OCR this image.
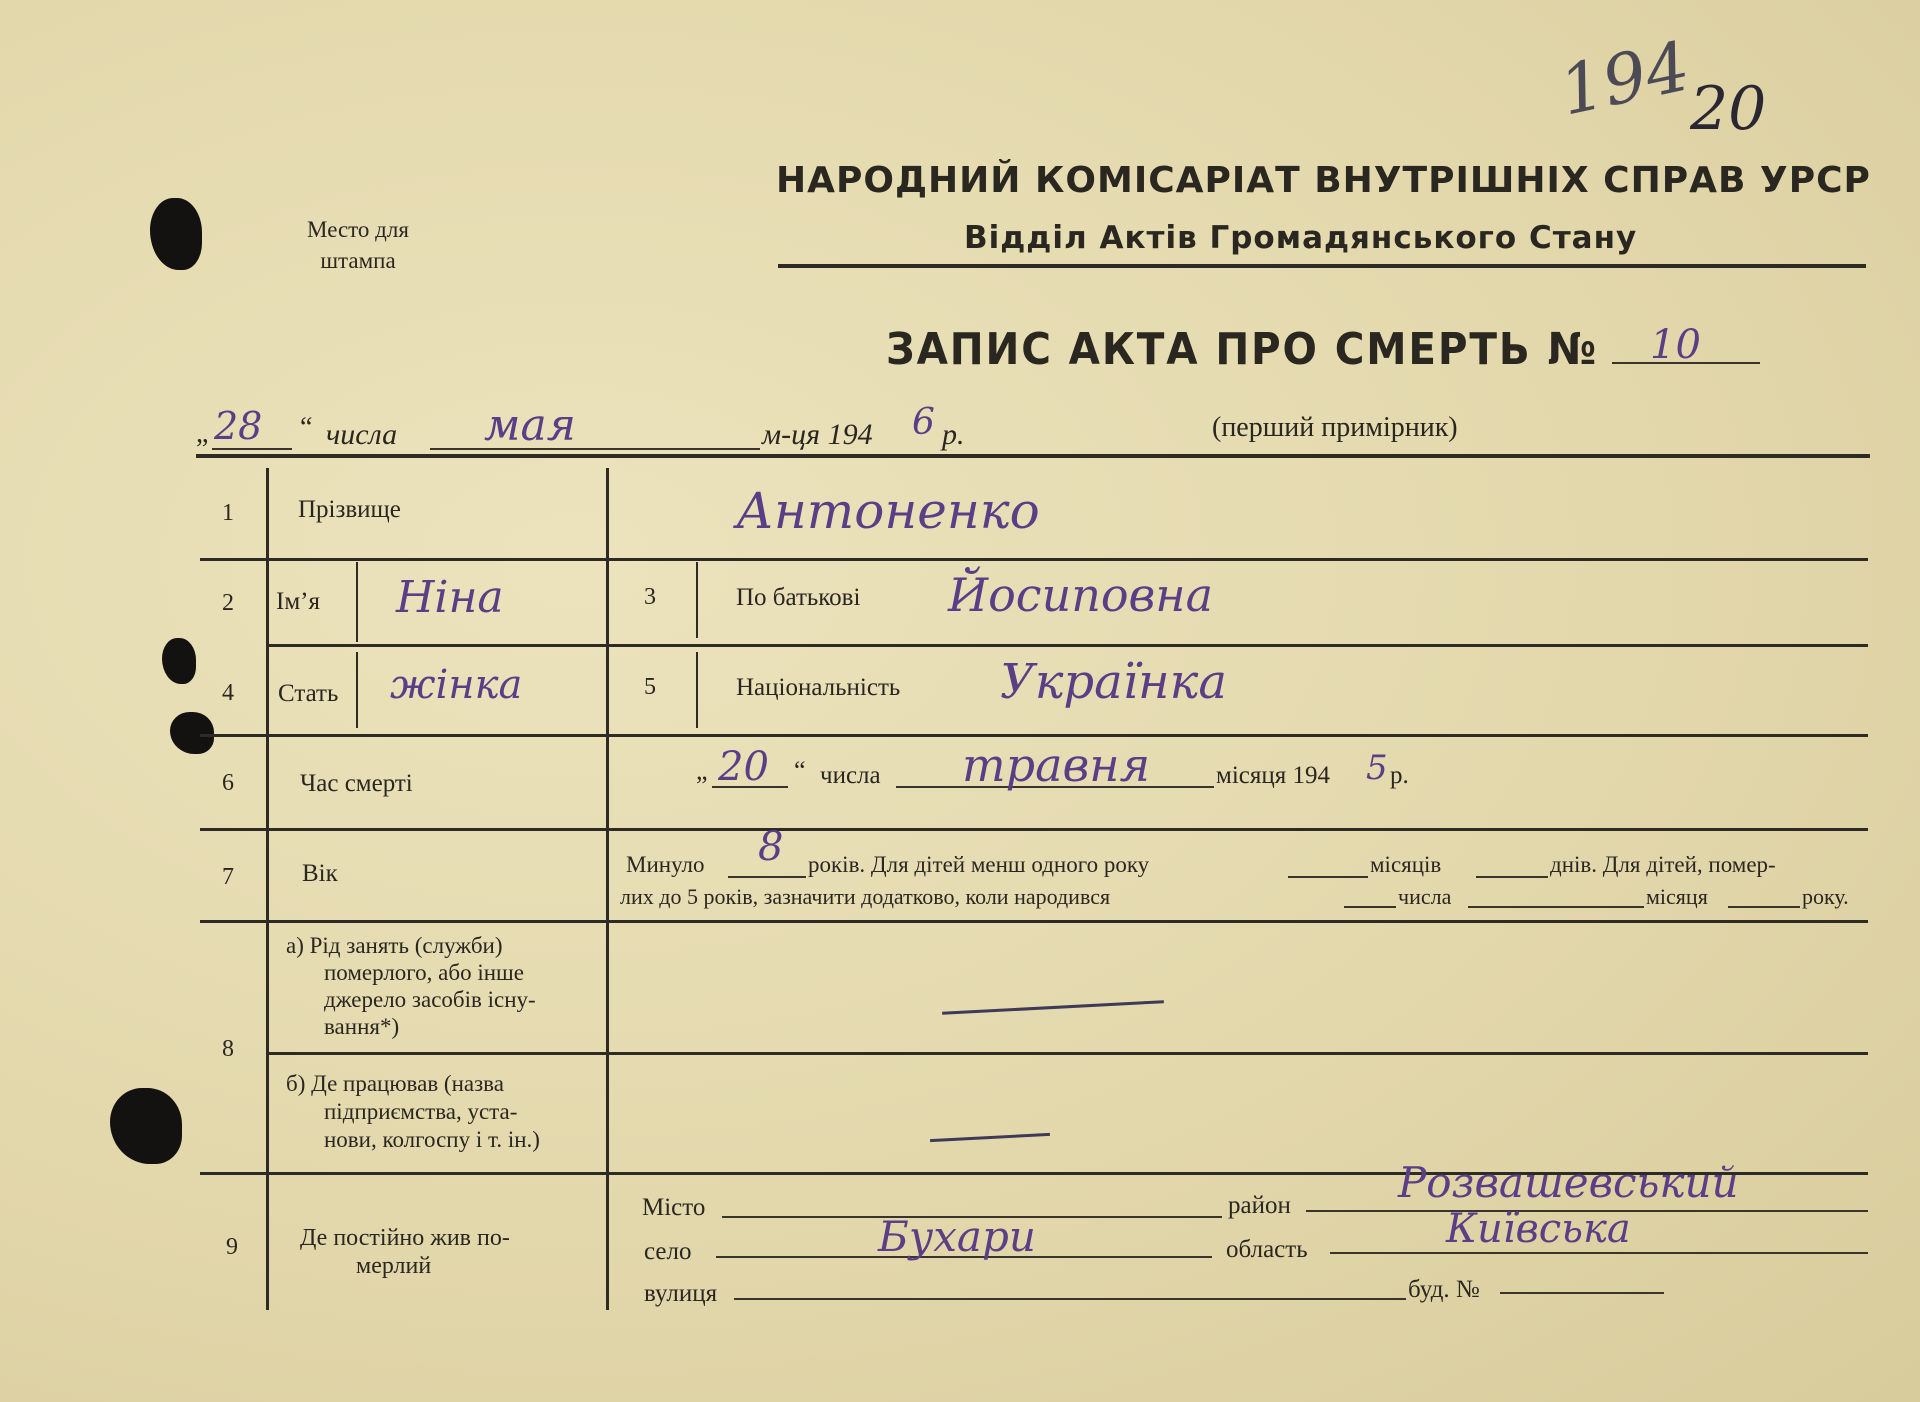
Место для
штампа
194
20
НАРОДНИЙ КОМІСАРІАТ ВНУТРІШНІХ СПРАВ УРСР
Відділ Актів Громадянського Стану
ЗАПИС АКТА ПРО СМЕРТЬ № 10
„ 28 “ числа мая	м-ця 194 6 р.	(перший примірник)
1	Прізвище	Антоненко
2 Ім’я Ніна	3	По батькові Йосиповна
4 Стать жінка	5	Національність Українка
6	Час смерті	„ 20 “ числа травня	місяця 194 5 р.
7	Вік	Минуло 8 років. Для дітей менш одного року	місяців	днів. Для дітей, помер-
лих до 5 років, зазначити додатково, коли народився	числа	місяця	року.
8
а) Рід занять (служби)
померлого, або інше
джерело засобів існу-
вання*)
б) Де працював (назва
підприємства, уста-
нови, колгоспу і т. ін.)
9	Де постійно жив по-
мерлий
Місто	район	Розвашевський
село	Бухари	область	Київська
вулиця	буд. №
